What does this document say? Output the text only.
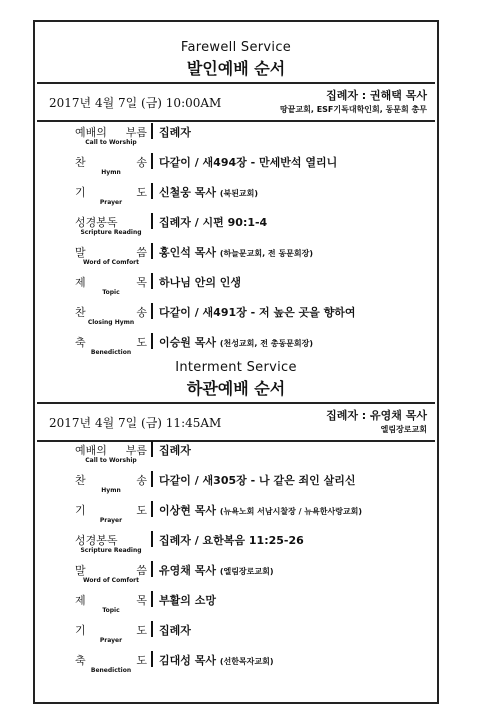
Farewell Service
발인예배 순서
2017년 4월 7일 (금) 10:00AM
집례자 : 권해택 목사
땅끝교회, ESF기독대학인회, 동문회 총무
예배의 부름
Call to Worship
집례자
찬 송
Hymn
다같이 / 새494장 - 만세반석 열리니
기 도
Prayer
신철웅 목사 (북된교회)
성경봉독
Scripture Reading
집례자 / 시편 90:1-4
말 씀
Word of Comfort
홍인석 목사 (하늘문교회, 전 동문회장)
제 목
Topic
하나님 안의 인생
찬 송
Closing Hymn
다같이 / 새491장 - 저 높은 곳을 향하여
축 도
Benediction
이승원 목사 (천성교회, 전 총동문회장)
Interment Service
하관예배 순서
2017년 4월 7일 (금) 11:45AM
집례자 : 유영채 목사
엘림장로교회
예배의 부름
Call to Worship
집례자
찬 송
Hymn
다같이 / 새305장 - 나 같은 죄인 살리신
기 도
Prayer
이상현 목사 (뉴욕노회 서남시찰장 / 뉴욕한사랑교회)
성경봉독
Scripture Reading
집례자 / 요한복음 11:25-26
말 씀
Word of Comfort
유영채 목사 (엘림장로교회)
제 목
Topic
부활의 소망
기 도
Prayer
집례자
축 도
Benediction
김대성 목사 (선한목자교회)
